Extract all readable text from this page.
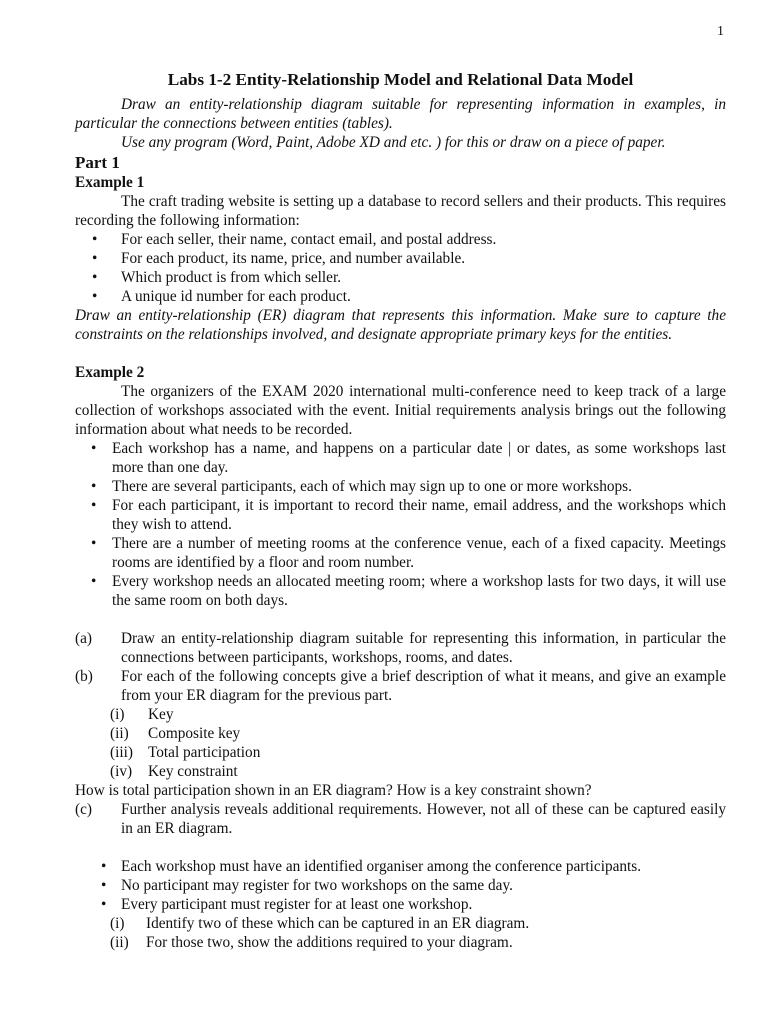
1
Labs 1-2 Entity-Relationship Model and Relational Data Model

Draw an entity-relationship diagram suitable for representing information in examples, in particular the connections between entities (tables).

Use any program (Word, Paint, Adobe XD and etc. ) for this or draw on a piece of paper.

Part 1
Example 1

The craft trading website is setting up a database to record sellers and their products. This requires recording the following information:

• For each seller, their name, contact email, and postal address.
• For each product, its name, price, and number available.
• Which product is from which seller.
• A unique id number for each product.

Draw an entity-relationship (ER) diagram that represents this information. Make sure to capture the constraints on the relationships involved, and designate appropriate primary keys for the entities.

Example 2

The organizers of the EXAM 2020 international multi-conference need to keep track of a large collection of workshops associated with the event. Initial requirements analysis brings out the following information about what needs to be recorded.

• Each workshop has a name, and happens on a particular date | or dates, as some workshops last more than one day.
• There are several participants, each of which may sign up to one or more workshops.
• For each participant, it is important to record their name, email address, and the workshops which they wish to attend.
• There are a number of meeting rooms at the conference venue, each of a fixed capacity. Meetings rooms are identified by a floor and room number.
• Every workshop needs an allocated meeting room; where a workshop lasts for two days, it will use the same room on both days.
(a)	Draw an entity-relationship diagram suitable for representing this information, in particular the connections between participants, workshops, rooms, and dates.
(b)	For each of the following concepts give a brief description of what it means, and give an example from your ER diagram for the previous part.
(i)	Key
(ii)	Composite key
(iii) Total participation
(iv)	Key constraint

How is total participation shown in an ER diagram? How is a key constraint shown?

(c)	Further analysis reveals additional requirements. However, not all of these can be captured easily in an ER diagram.
• Each workshop must have an identified organiser among the conference participants.
• No participant may register for two workshops on the same day.
• Every participant must register for at least one workshop.
(i)	Identify two of these which can be captured in an ER diagram.
(ii)	For those two, show the additions required to your diagram.
